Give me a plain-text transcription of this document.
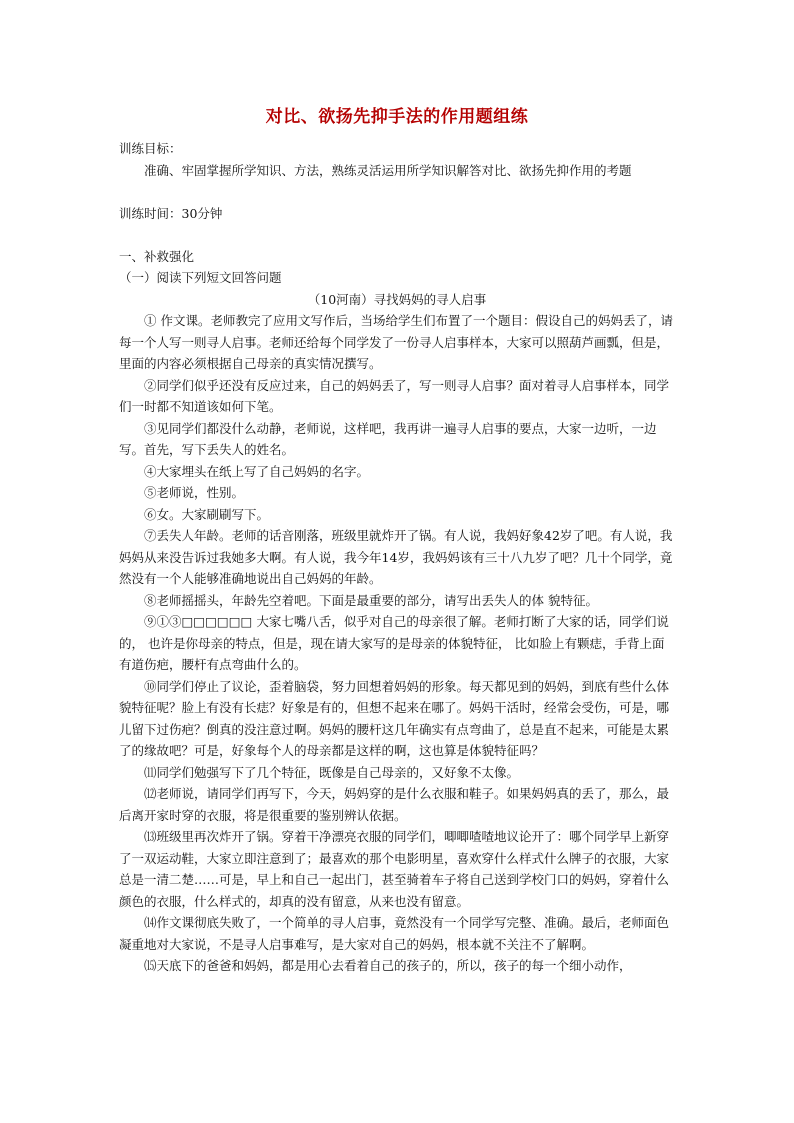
对比、欲扬先抑手法的作用题组练

训练目标：

准确、牢固掌握所学知识、方法，熟练灵活运用所学知识解答对比、欲扬先抑作用的考题

训练时间：30分钟

一、补救强化

（一）阅读下列短文回答问题

（10河南）寻找妈妈的寻人启事

① 作文课。老师教完了应用文写作后，当场给学生们布置了一个题目：假设自己的妈妈丢了，请每一个人写一则寻人启事。老师还给每个同学发了一份寻人启事样本，大家可以照葫芦画瓢，但是，里面的内容必须根据自己母亲的真实情况撰写。

②同学们似乎还没有反应过来，自己的妈妈丢了，写一则寻人启事？面对着寻人启事样本，同学们一时都不知道该如何下笔。

③见同学们都没什么动静，老师说，这样吧，我再讲一遍寻人启事的要点，大家一边听，一边写。首先，写下丢失人的姓名。

④大家埋头在纸上写了自己妈妈的名字。

⑤老师说，性别。

⑥女。大家刷刷写下。

⑦丢失人年龄。老师的话音刚落，班级里就炸开了锅。有人说，我妈好象42岁了吧。有人说，我妈妈从来没告诉过我她多大啊。有人说，我今年14岁，我妈妈该有三十八九岁了吧？几十个同学，竟然没有一个人能够准确地说出自己妈妈的年龄。

⑧老师摇摇头，年龄先空着吧。下面是最重要的部分，请写出丢失人的体 貌特征。

⑨①③□□□□□□ 大家七嘴八舌，似乎对自己的母亲很了解。老师打断了大家的话，同学们说的， 也许是你母亲的特点，但是，现在请大家写的是母亲的体貌特征， 比如脸上有颗痣，手背上面有道伤疤，腰杆有点弯曲什么的。

⑩同学们停止了议论，歪着脑袋，努力回想着妈妈的形象。每天都见到的妈妈，到底有些什么体貌特征呢？脸上有没有长痣？好象是有的，但想不起来在哪了。妈妈干活时，经常会受伤，可是，哪儿留下过伤疤？倒真的没注意过啊。妈妈的腰杆这几年确实有点弯曲了，总是直不起来，可能是太累了的缘故吧？可是，好象每个人的母亲都是这样的啊，这也算是体貌特征吗？

⑾同学们勉强写下了几个特征，既像是自己母亲的，又好象不太像。

⑿老师说，请同学们再写下，今天，妈妈穿的是什么衣服和鞋子。如果妈妈真的丢了，那么，最后离开家时穿的衣服，将是很重要的鉴别辨认依据。

⒀班级里再次炸开了锅。穿着干净漂亮衣服的同学们，唧唧喳喳地议论开了：哪个同学早上新穿了一双运动鞋，大家立即注意到了；最喜欢的那个电影明星，喜欢穿什么样式什么牌子的衣服，大家总是一清二楚……可是，早上和自己一起出门，甚至骑着车子将自己送到学校门口的妈妈，穿着什么颜色的衣服，什么样式的，却真的没有留意，从来也没有留意。

⒁作文课彻底失败了，一个简单的寻人启事，竟然没有一个同学写完整、准确。最后，老师面色凝重地对大家说，不是寻人启事难写，是大家对自己的妈妈，根本就不关注不了解啊。

⒂天底下的爸爸和妈妈，都是用心去看着自己的孩子的，所以，孩子的每一个细小动作，
